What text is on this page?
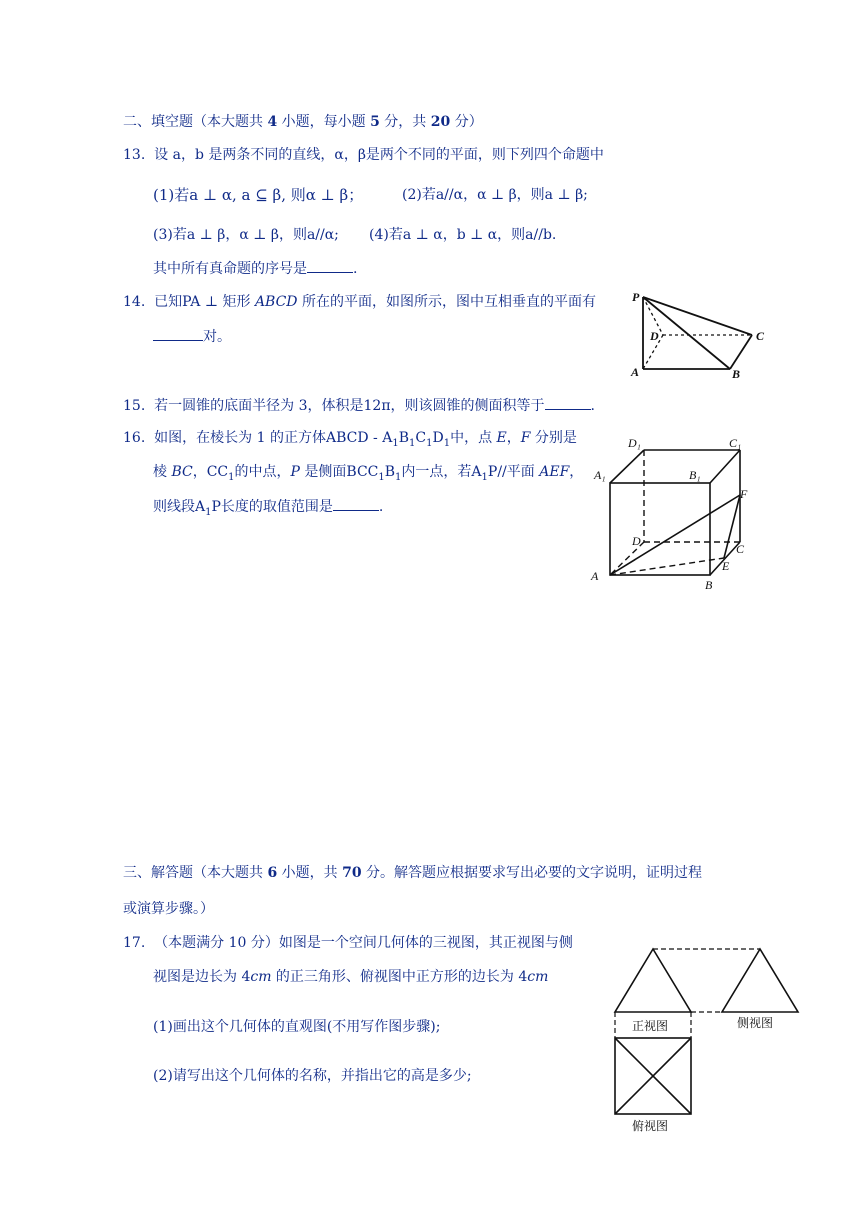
二、填空题（本大题共 4 小题，每小题 5 分，共 20 分）
13. 设 a，b 是两条不同的直线，α，β是两个不同的平面，则下列四个命题中
(1)若a ⊥ α, a ⊆ β, 则α ⊥ β；	(2)若a//α，α ⊥ β，则a ⊥ β;
(3)若a ⊥ β，α ⊥ β，则a//α; (4)若a ⊥ α，b ⊥ α，则a//b.
其中所有真命题的序号是	.
14. 已知PA ⊥ 矩形 ABCD 所在的平面，如图所示，图中互相垂直的平面有
对。
P
D	C
A	B
15. 若一圆锥的底面半径为 3，体积是12π，则该圆锥的侧面积等于	.
16. 如图，在棱长为 1 的正方体ABCD - $A_1B_1C_1D_1$中，点 E，F 分别是
棱 BC，$CC_1$的中点，P 是侧面$BCC_1B_1$内一点，若$A_1P//$平面 AEF，
则线段$A_1P$长度的取值范围是	.
D₁	C₁
A₁	B₁
F
D
C
E
A
B
三、解答题（本大题共 6 小题，共 70 分。解答题应根据要求写出必要的文字说明，证明过程
或演算步骤。）
17. （本题满分 10 分）如图是一个空间几何体的三视图，其正视图与侧
视图是边长为 4cm 的正三角形、俯视图中正方形的边长为 4cm
(1)画出这个几何体的直观图(不用写作图步骤);
(2)请写出这个几何体的名称，并指出它的高是多少;
正视图	侧视图
俯视图
